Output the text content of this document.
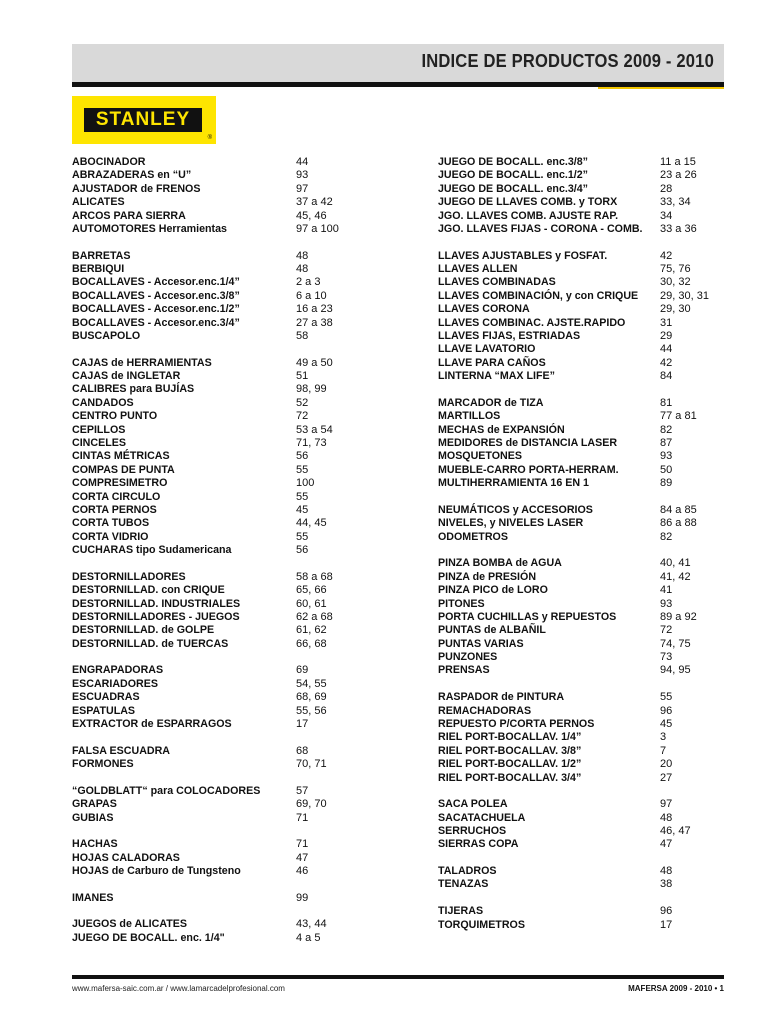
INDICE DE PRODUCTOS 2009 - 2010
STANLEY
®
ABOCINADOR	44
ABRAZADERAS en “U”	93
AJUSTADOR de FRENOS	97
ALICATES	37 a 42
ARCOS PARA SIERRA	45, 46
AUTOMOTORES Herramientas	97 a 100
BARRETAS	48
BERBIQUI	48
BOCALLAVES - Accesor.enc.1/4”	2 a 3
BOCALLAVES - Accesor.enc.3/8”	6 a 10
BOCALLAVES - Accesor.enc.1/2”	16 a 23
BOCALLAVES - Accesor.enc.3/4”	27 a 38
BUSCAPOLO	58
CAJAS de HERRAMIENTAS	49 a 50
CAJAS de INGLETAR	51
CALIBRES para BUJÍAS	98, 99
CANDADOS	52
CENTRO PUNTO	72
CEPILLOS	53 a 54
CINCELES	71, 73
CINTAS MÉTRICAS	56
COMPAS DE PUNTA	55
COMPRESIMETRO	100
CORTA CIRCULO	55
CORTA PERNOS	45
CORTA TUBOS	44, 45
CORTA VIDRIO	55
CUCHARAS tipo Sudamericana	56
DESTORNILLADORES	58 a 68
DESTORNILLAD. con CRIQUE	65, 66
DESTORNILLAD. INDUSTRIALES	60, 61
DESTORNILLADORES - JUEGOS	62 a 68
DESTORNILLAD. de GOLPE	61, 62
DESTORNILLAD. de TUERCAS	66, 68
ENGRAPADORAS	69
ESCARIADORES	54, 55
ESCUADRAS	68, 69
ESPATULAS	55, 56
EXTRACTOR de ESPARRAGOS	17
FALSA ESCUADRA	68
FORMONES	70, 71
“GOLDBLATT“ para COLOCADORES	57
GRAPAS	69, 70
GUBIAS	71
HACHAS	71
HOJAS CALADORAS	47
HOJAS de Carburo de Tungsteno	46
IMANES	99
JUEGOS de ALICATES	43, 44
JUEGO DE BOCALL. enc. 1/4"	4 a 5
JUEGO DE BOCALL. enc.3/8”	11 a 15
JUEGO DE BOCALL. enc.1/2”	23 a 26
JUEGO DE BOCALL. enc.3/4”	28
JUEGO DE LLAVES COMB. y TORX	33, 34
JGO. LLAVES COMB. AJUSTE RAP.	34
JGO. LLAVES FIJAS - CORONA - COMB. 33 a 36
LLAVES AJUSTABLES y FOSFAT.	42
LLAVES ALLEN	75, 76
LLAVES COMBINADAS	30, 32
LLAVES COMBINACIÓN, y con CRIQUE 29, 30, 31
LLAVES CORONA	29, 30
LLAVES COMBINAC. AJSTE.RAPIDO	31
LLAVES FIJAS, ESTRIADAS	29
LLAVE LAVATORIO	44
LLAVE PARA CAÑOS	42
LINTERNA “MAX LIFE”	84
MARCADOR de TIZA	81
MARTILLOS	77 a 81
MECHAS de EXPANSIÓN	82
MEDIDORES de DISTANCIA LASER	87
MOSQUETONES	93
MUEBLE-CARRO PORTA-HERRAM.	50
MULTIHERRAMIENTA 16 EN 1	89
NEUMÁTICOS y ACCESORIOS	84 a 85
NIVELES, y NIVELES LASER	86 a 88
ODOMETROS	82
PINZA BOMBA de AGUA	40, 41
PINZA de PRESIÓN	41, 42
PINZA PICO de LORO	41
PITONES	93
PORTA CUCHILLAS y REPUESTOS	89 a 92
PUNTAS de ALBAÑIL	72
PUNTAS VARIAS	74, 75
PUNZONES	73
PRENSAS	94, 95
RASPADOR de PINTURA	55
REMACHADORAS	96
REPUESTO P/CORTA PERNOS	45
RIEL PORT-BOCALLAV. 1/4”	3
RIEL PORT-BOCALLAV. 3/8”	7
RIEL PORT-BOCALLAV. 1/2”	20
RIEL PORT-BOCALLAV. 3/4”	27
SACA POLEA	97
SACATACHUELA	48
SERRUCHOS	46, 47
SIERRAS COPA	47
TALADROS	48
TENAZAS	38
TIJERAS	96
TORQUIMETROS	17
www.mafersa-saic.com.ar / www.lamarcadelprofesional.com	MAFERSA 2009 - 2010 • 1
